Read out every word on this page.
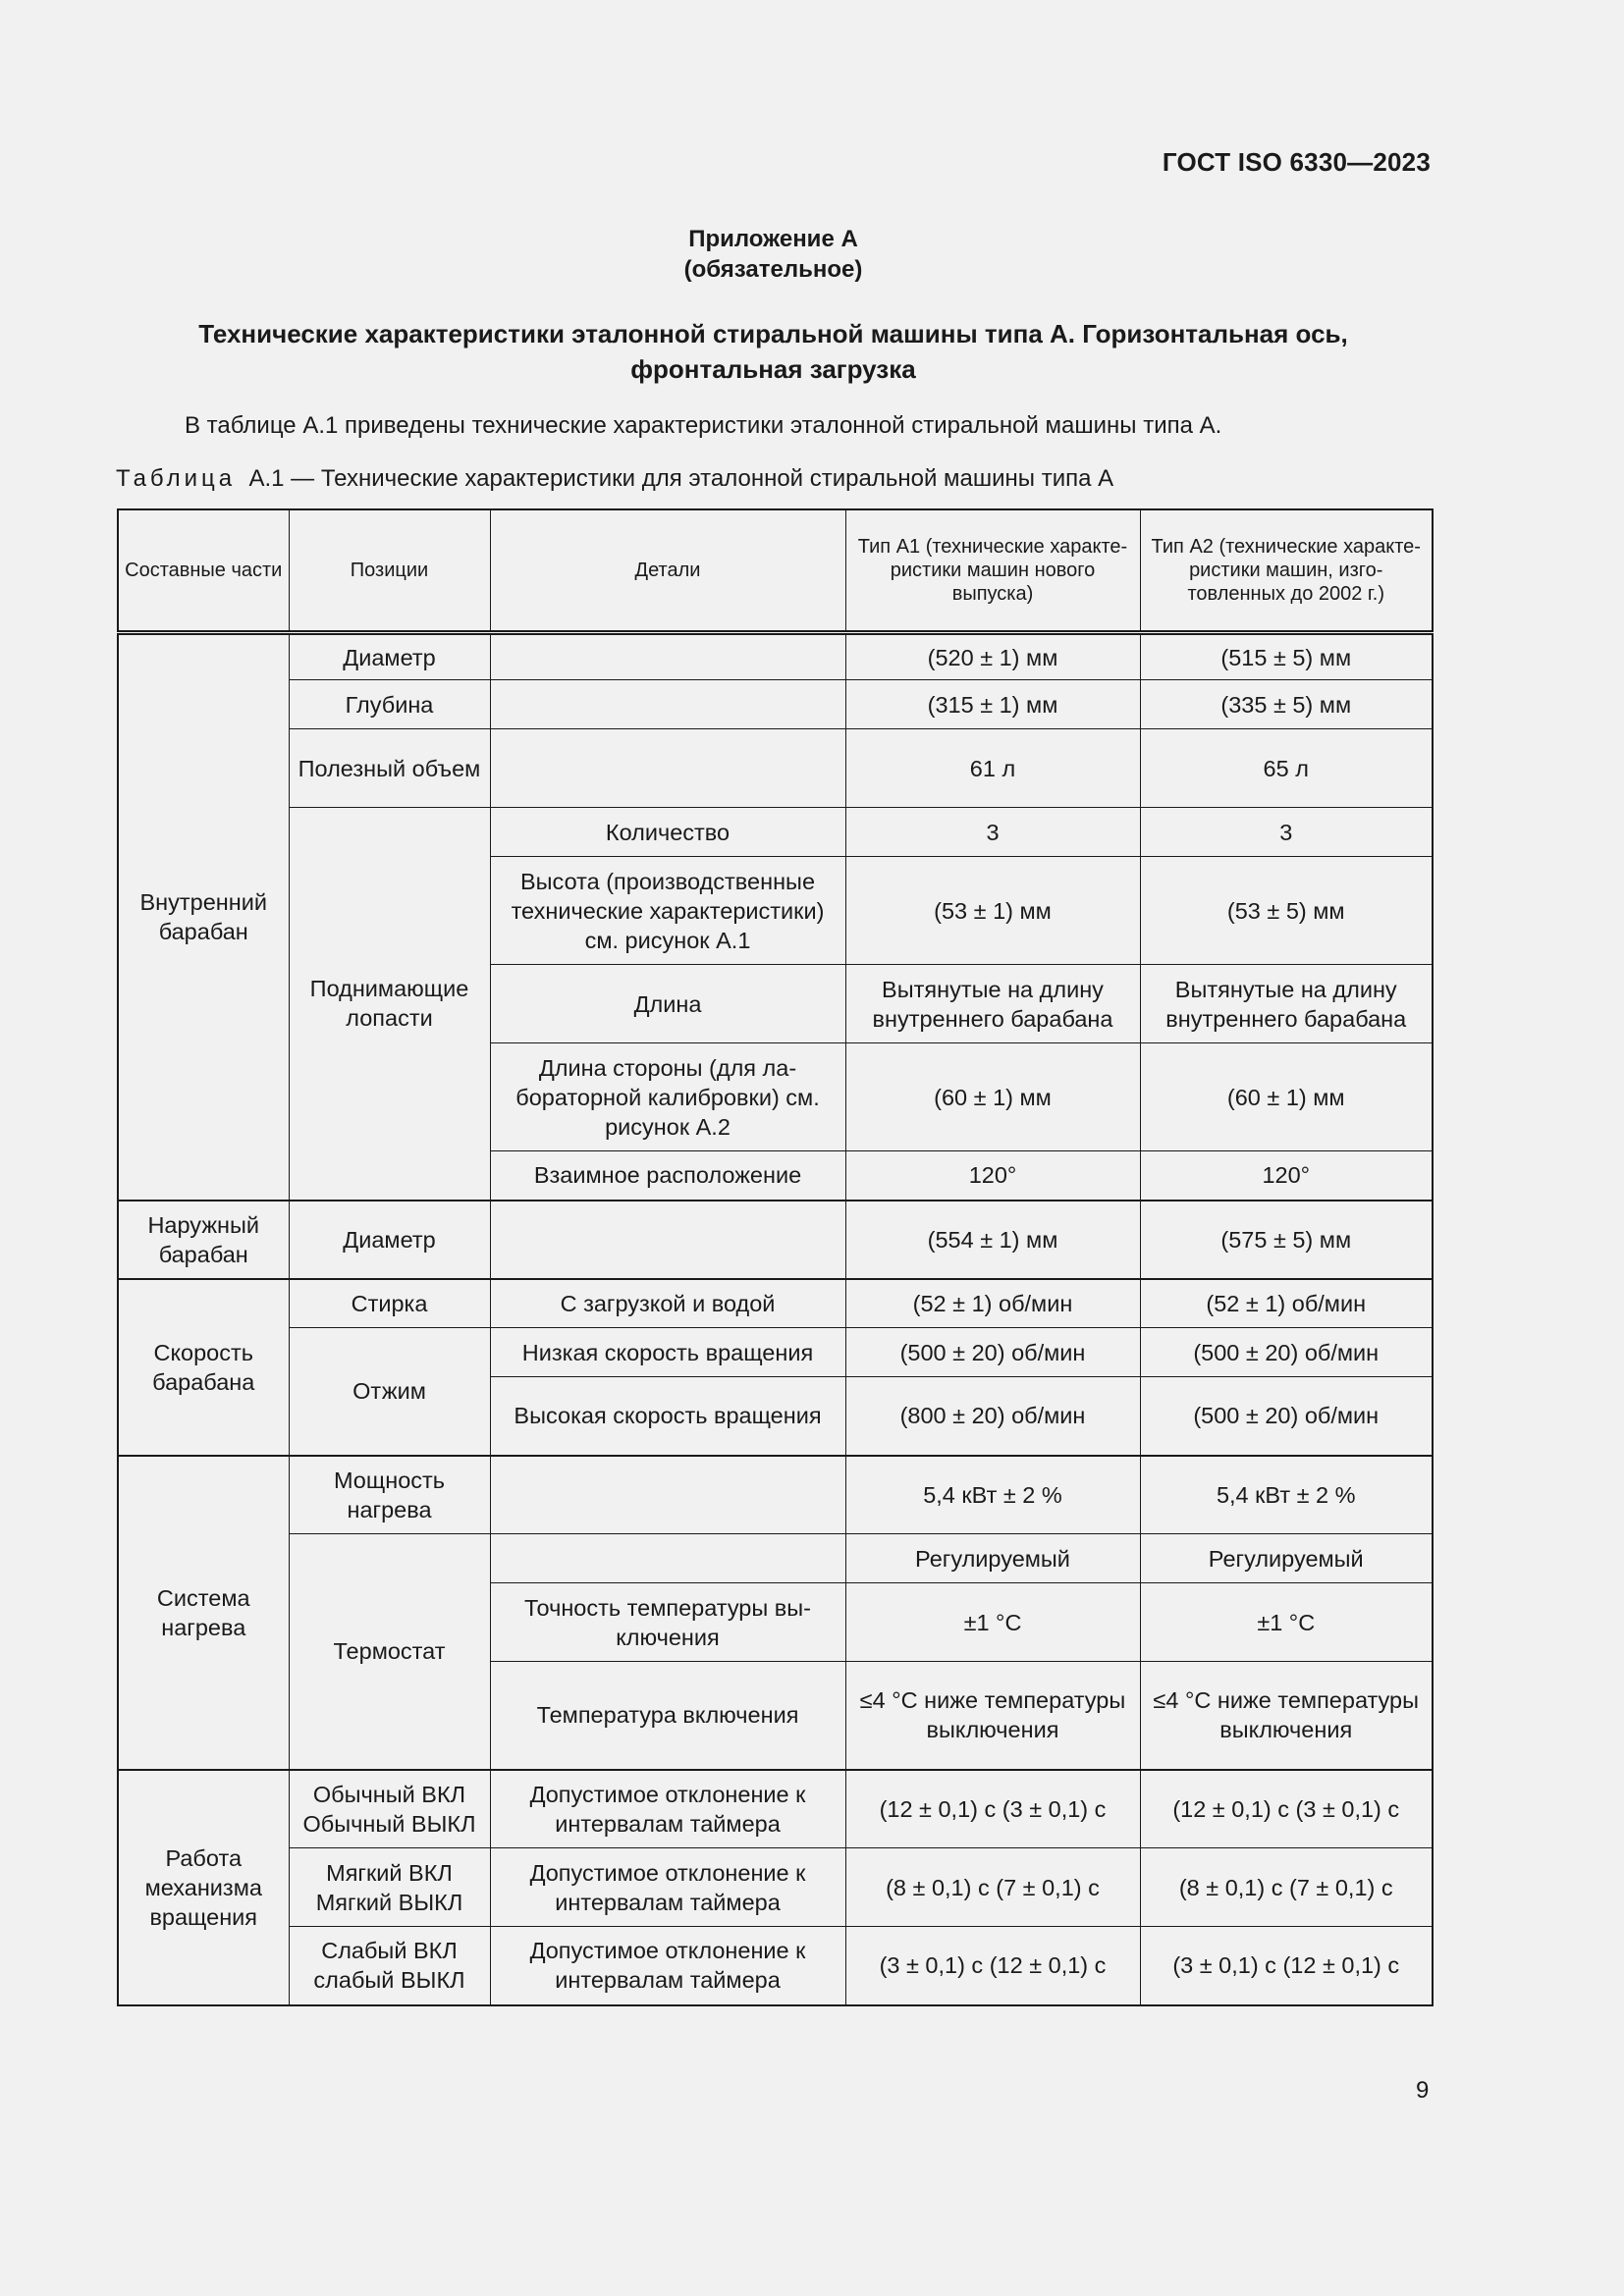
ГОСТ ISO 6330—2023
Приложение А
(обязательное)
Технические характеристики эталонной стиральной машины типа А. Горизонтальная ось, фронтальная загрузка
В таблице А.1 приведены технические характеристики эталонной стиральной машины типа А.
Таблица А.1 — Технические характеристики для эталонной стиральной машины типа А
Составные части	Позиции	Детали	Тип А1 (технические характеристики машин нового выпуска)	Тип А2 (технические характеристики машин, изготовленных до 2002 г.)
Внутренний барабан	Диаметр		(520 ± 1) мм	(515 ± 5) мм
	Глубина		(315 ± 1) мм	(335 ± 5) мм
	Полезный объем		61 л	65 л
	Поднимающие лопасти	Количество	3	3
		Высота (производственные технические характеристики) см. рисунок А.1	(53 ± 1) мм	(53 ± 5) мм
		Длина	Вытянутые на длину внутреннего барабана	Вытянутые на длину внутреннего барабана
		Длина стороны (для лабораторной калибровки) см. рисунок А.2	(60 ± 1) мм	(60 ± 1) мм
		Взаимное расположение	120°	120°
Наружный барабан	Диаметр		(554 ± 1) мм	(575 ± 5) мм
Скорость барабана	Стирка	С загрузкой и водой	(52 ± 1) об/мин	(52 ± 1) об/мин
	Отжим	Низкая скорость вращения	(500 ± 20) об/мин	(500 ± 20) об/мин
		Высокая скорость вращения	(800 ± 20) об/мин	(500 ± 20) об/мин
Система нагрева	Мощность нагрева		5,4 кВт ± 2 %	5,4 кВт ± 2 %
	Термостат		Регулируемый	Регулируемый
		Точность температуры выключения	±1 °С	±1 °С
		Температура включения	≤4 °С ниже температуры выключения	≤4 °С ниже температуры выключения
Работа механизма вращения	Обычный ВКЛ Обычный ВЫКЛ	Допустимое отклонение к интервалам таймера	(12 ± 0,1) с (3 ± 0,1) с	(12 ± 0,1) с (3 ± 0,1) с
	Мягкий ВКЛ Мягкий ВЫКЛ	Допустимое отклонение к интервалам таймера	(8 ± 0,1) с (7 ± 0,1) с	(8 ± 0,1) с (7 ± 0,1) с
	Слабый ВКЛ слабый ВЫКЛ	Допустимое отклонение к интервалам таймера	(3 ± 0,1) с (12 ± 0,1) с	(3 ± 0,1) с (12 ± 0,1) с
9
